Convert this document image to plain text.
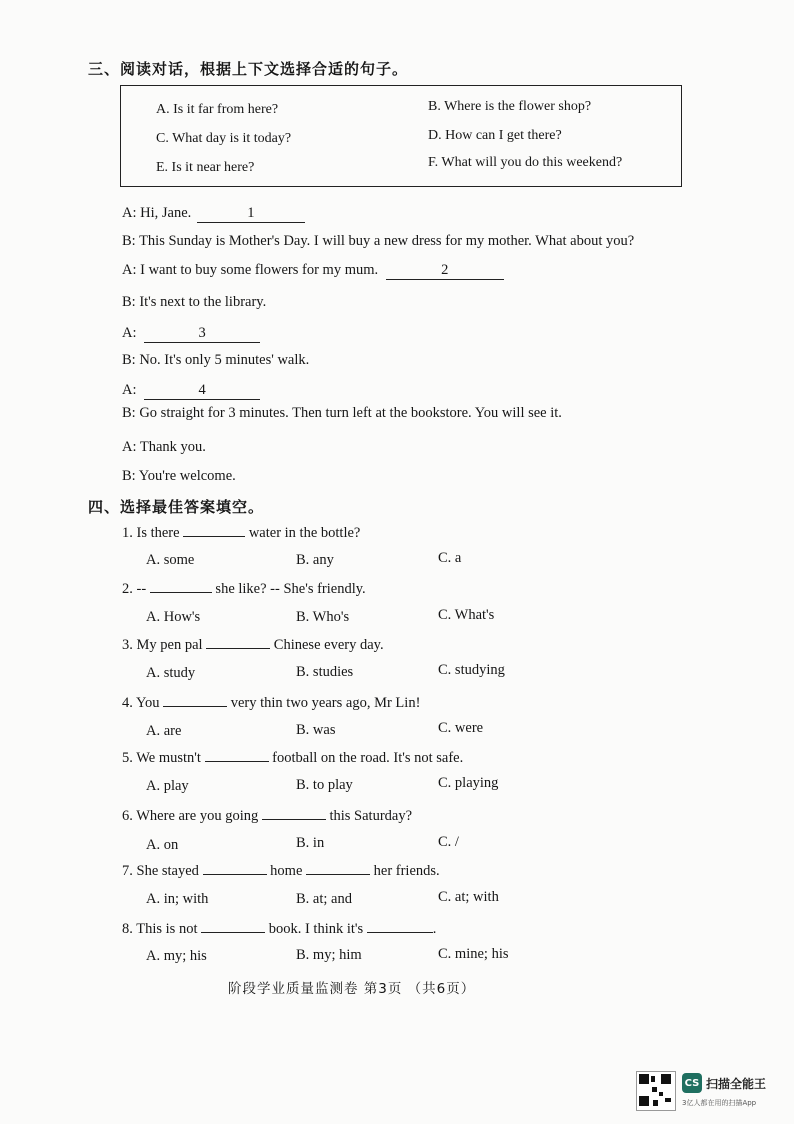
三、阅读对话，根据上下文选择合适的句子。
A. Is it far from here?	B. Where is the flower shop?
C. What day is it today?	D. How can I get there?
E. Is it near here?	F. What will you do this weekend?
A: Hi, Jane.	1
B: This Sunday is Mother's Day. I will buy a new dress for my mother. What about you?
A: I want to buy some flowers for my mum.	2
B: It's next to the library.
A:	3
B: No. It's only 5 minutes' walk.
A:	4
B: Go straight for 3 minutes. Then turn left at the bookstore. You will see it.
A: Thank you.
B: You're welcome.
四、选择最佳答案填空。
1. Is there	water in the bottle?
A. some	B. any	C. a
2. --	she like? -- She's friendly.
A. How's	B. Who's	C. What's
3. My pen pal	Chinese every day.
A. study	B. studies	C. studying
4. You	very thin two years ago, Mr Lin!
A. are	B. was	C. were
5. We mustn't	football on the road. It's not safe.
A. play	B. to play	C. playing
6. Where are you going	this Saturday?
A. on	B. in	C. /
7. She stayed	home	her friends.
A. in; with	B. at; and	C. at; with
8. This is not	book. I think it's	.
A. my; his	B. my; him	C. mine; his
阶段学业质量监测卷 第3页 （共6页）
CS 扫描全能王
3亿人都在用的扫描App
